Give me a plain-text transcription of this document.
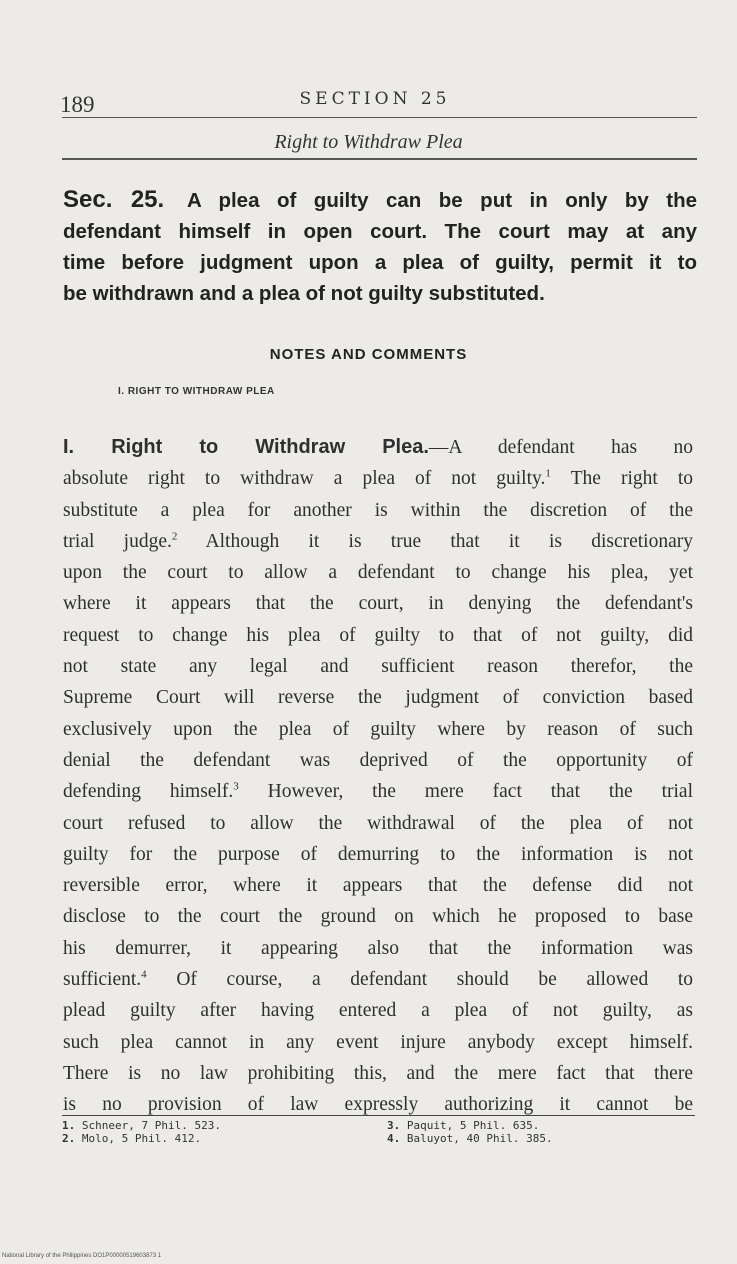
189	SECTION 25
Right to Withdraw Plea
Sec. 25. A plea of guilty can be put in only by the
defendant himself in open court. The court may at any
time before judgment upon a plea of guilty, permit it to
be withdrawn and a plea of not guilty substituted.
NOTES AND COMMENTS
I. RIGHT TO WITHDRAW PLEA
I. Right to Withdraw Plea.—A defendant has no
absolute right to withdraw a plea of not guilty.$^1$ The right to
substitute a plea for another is within the discretion of the
trial judge.$^2$ Although it is true that it is discretionary
upon the court to allow a defendant to change his plea, yet
where it appears that the court, in denying the defendant's
request to change his plea of guilty to that of not guilty, did
not state any legal and sufficient reason therefor, the
Supreme Court will reverse the judgment of conviction based
exclusively upon the plea of guilty where by reason of such
denial the defendant was deprived of the opportunity of
defending himself.$^3$ However, the mere fact that the trial
court refused to allow the withdrawal of the plea of not
guilty for the purpose of demurring to the information is not
reversible error, where it appears that the defense did not
disclose to the court the ground on which he proposed to base
his demurrer, it appearing also that the information was
sufficient.$^4$ Of course, a defendant should be allowed to
plead guilty after having entered a plea of not guilty, as
such plea cannot in any event injure anybody except himself.
There is no law prohibiting this, and the mere fact that there
is no provision of law expressly authorizing it cannot be
1. Schneer, 7 Phil. 523.
2. Molo, 5 Phil. 412.
3. Paquit, 5 Phil. 635.
4. Baluyot, 40 Phil. 385.
National Library of the Philippines DO1P00000519603873 1
